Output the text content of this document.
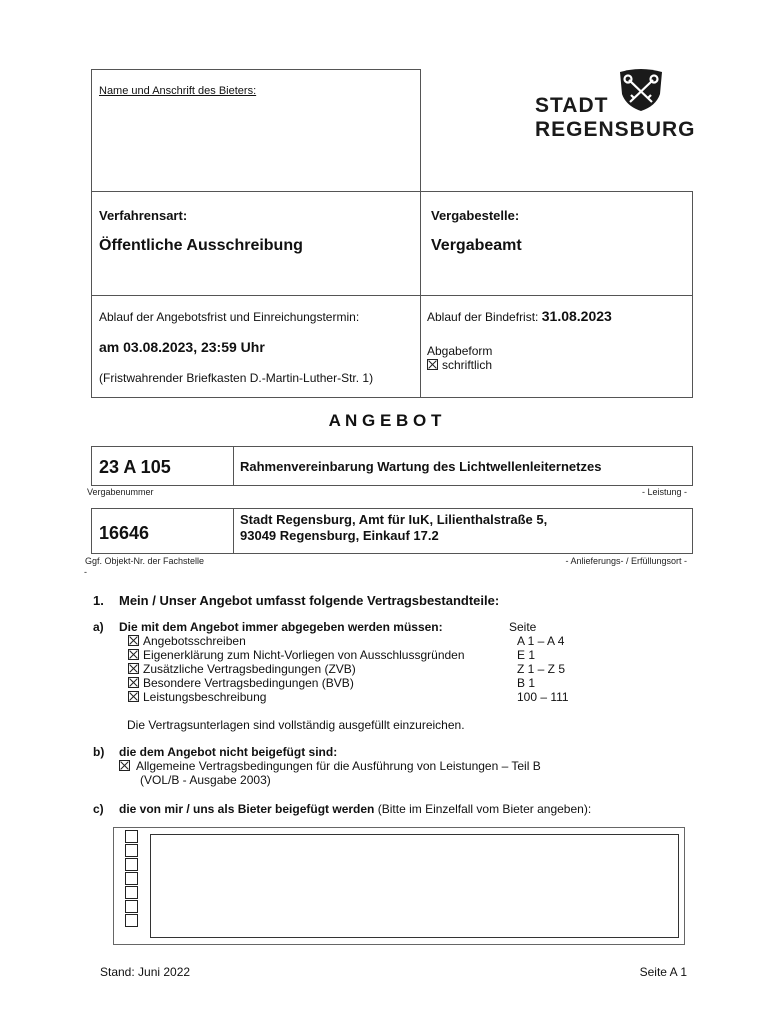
STADT
REGENSBURG
Name und Anschrift des Bieters:
Verfahrensart:
Öffentliche Ausschreibung
Vergabestelle:
Vergabeamt
Ablauf der Angebotsfrist und Einreichungstermin:
am 03.08.2023, 23:59 Uhr
(Fristwahrender Briefkasten D.-Martin-Luther-Str. 1)
Ablauf der Bindefrist: 31.08.2023
Abgabeform
schriftlich
A N G E B O T
23 A 105	Rahmenvereinbarung Wartung des Lichtwellenleiternetzes
Vergabenummer	- Leistung -
16646
Stadt Regensburg, Amt für IuK, Lilienthalstraße 5,
93049 Regensburg, Einkauf 17.2
Ggf. Objekt-Nr. der Fachstelle	- Anlieferungs- / Erfüllungsort -
-
1. Mein / Unser Angebot umfasst folgende Vertragsbestandteile:
a) Die mit dem Angebot immer abgegeben werden müssen:	Seite
Angebotsschreiben	A 1 – A 4
Eigenerklärung zum Nicht-Vorliegen von Ausschlussgründen	E 1
Zusätzliche Vertragsbedingungen (ZVB)	Z 1 – Z 5
Besondere Vertragsbedingungen (BVB)	B 1
Leistungsbeschreibung	100 – 111
Die Vertragsunterlagen sind vollständig ausgefüllt einzureichen.
b) die dem Angebot nicht beigefügt sind:
Allgemeine Vertragsbedingungen für die Ausführung von Leistungen – Teil B
(VOL/B - Ausgabe 2003)
c) die von mir / uns als Bieter beigefügt werden (Bitte im Einzelfall vom Bieter angeben):
Stand: Juni 2022	Seite A 1
